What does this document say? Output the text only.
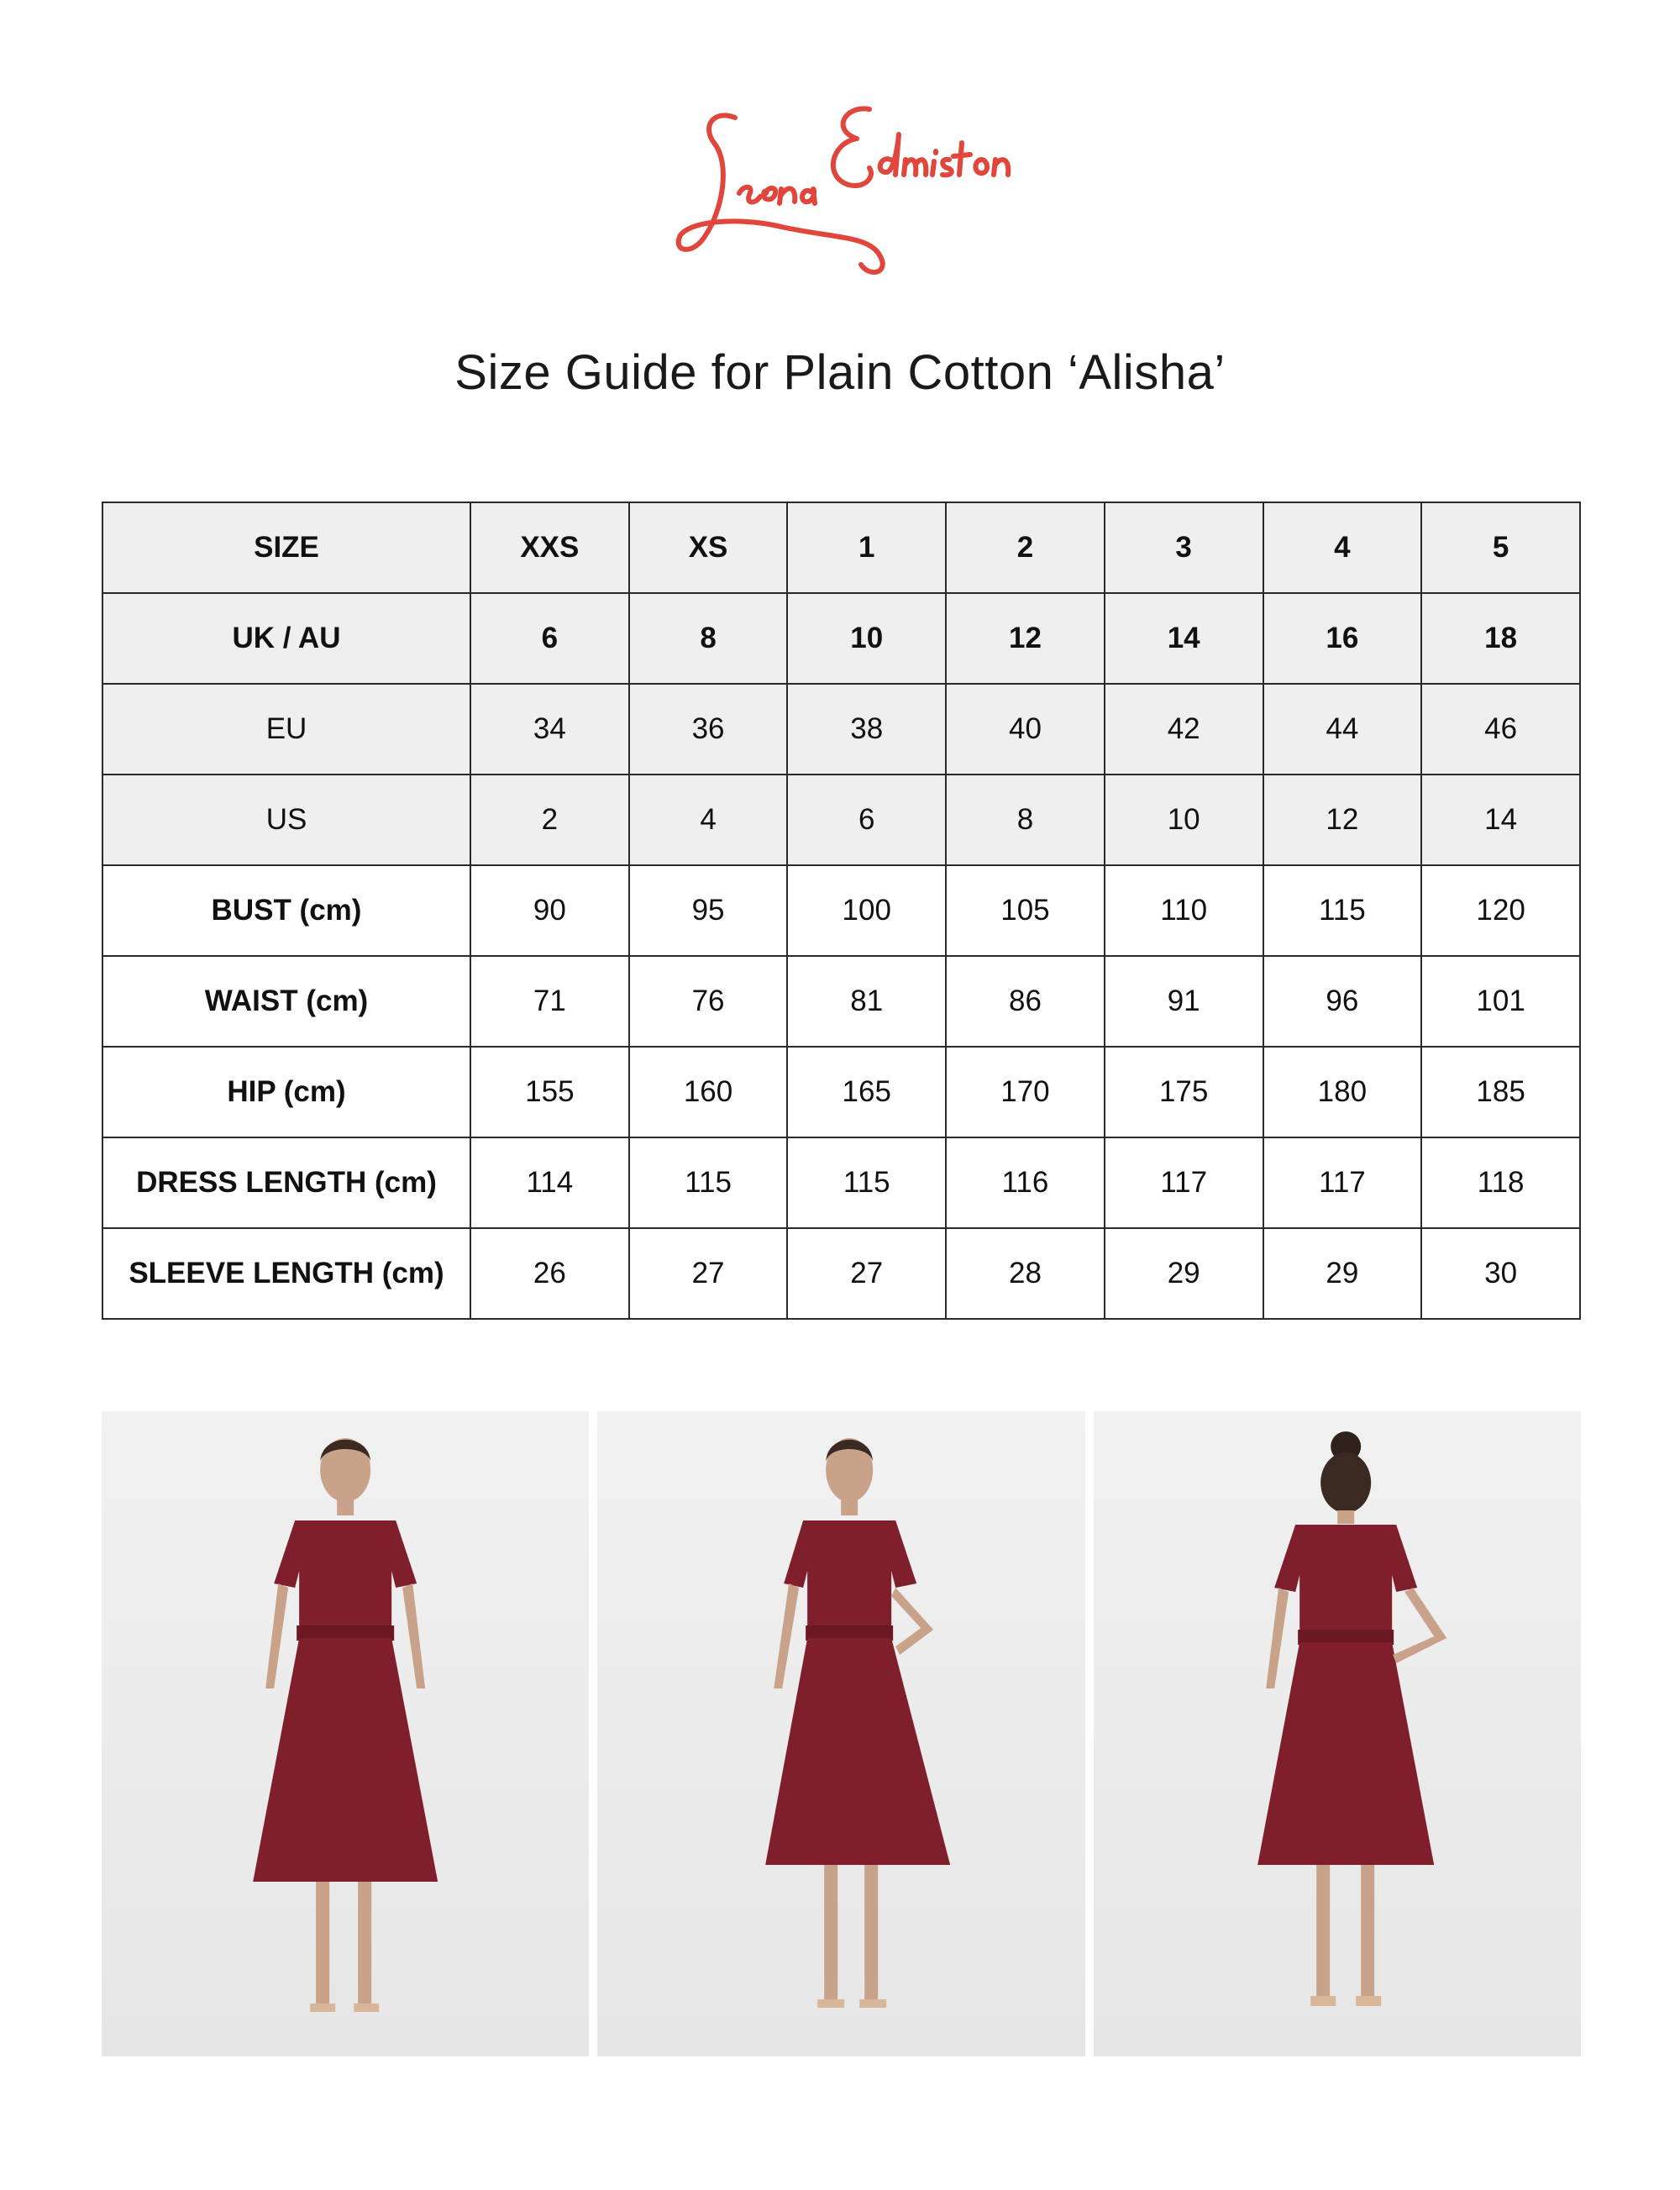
Size Guide for Plain Cotton ‘Alisha’
SIZE	XXS	XS	1	2	3	4	5
UK / AU	6	8	10	12	14	16	18
EU	34	36	38	40	42	44	46
US	2	4	6	8	10	12	14
BUST (cm)	90	95	100	105	110	115	120
WAIST (cm)	71	76	81	86	91	96	101
HIP (cm)	155	160	165	170	175	180	185
DRESS LENGTH (cm)	114	115	115	116	117	117	118
SLEEVE LENGTH (cm)	26	27	27	28	29	29	30
